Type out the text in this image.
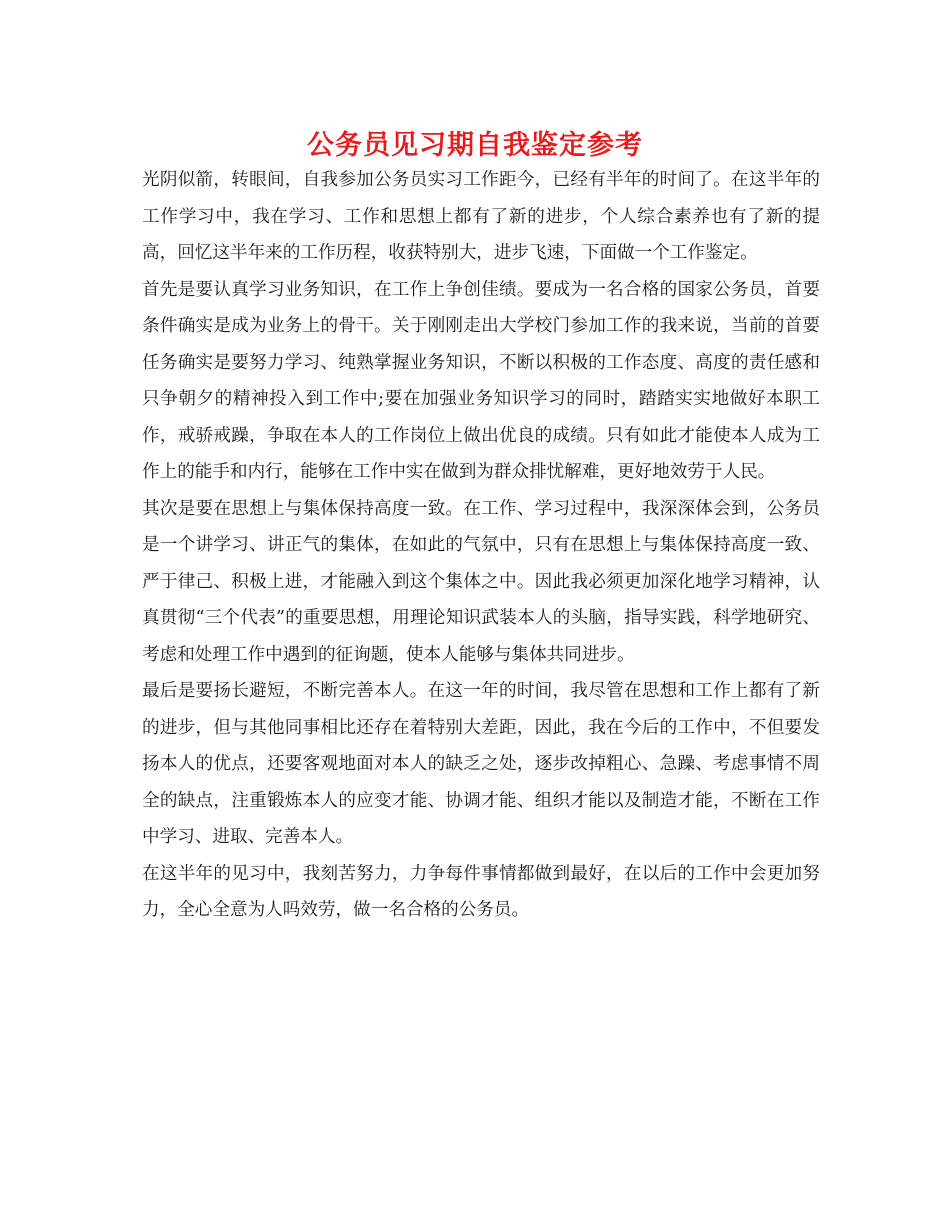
公务员见习期自我鉴定参考

光阴似箭，转眼间，自我参加公务员实习工作距今，已经有半年的时间了。在这半年的工作学习中，我在学习、工作和思想上都有了新的进步，个人综合素养也有了新的提高，回忆这半年来的工作历程，收获特别大，进步飞速，下面做一个工作鉴定。

首先是要认真学习业务知识，在工作上争创佳绩。要成为一名合格的国家公务员，首要条件确实是成为业务上的骨干。关于刚刚走出大学校门参加工作的我来说，当前的首要任务确实是要努力学习、纯熟掌握业务知识，不断以积极的工作态度、高度的责任感和只争朝夕的精神投入到工作中;要在加强业务知识学习的同时，踏踏实实地做好本职工作，戒骄戒躁，争取在本人的工作岗位上做出优良的成绩。只有如此才能使本人成为工作上的能手和内行，能够在工作中实在做到为群众排忧解难，更好地效劳于人民。

其次是要在思想上与集体保持高度一致。在工作、学习过程中，我深深体会到，公务员是一个讲学习、讲正气的集体，在如此的气氛中，只有在思想上与集体保持高度一致、严于律己、积极上进，才能融入到这个集体之中。因此我必须更加深化地学习精神，认真贯彻“三个代表”的重要思想，用理论知识武装本人的头脑，指导实践，科学地研究、考虑和处理工作中遇到的征询题，使本人能够与集体共同进步。

最后是要扬长避短，不断完善本人。在这一年的时间，我尽管在思想和工作上都有了新的进步，但与其他同事相比还存在着特别大差距，因此，我在今后的工作中，不但要发扬本人的优点，还要客观地面对本人的缺乏之处，逐步改掉粗心、急躁、考虑事情不周全的缺点，注重锻炼本人的应变才能、协调才能、组织才能以及制造才能，不断在工作中学习、进取、完善本人。

在这半年的见习中，我刻苦努力，力争每件事情都做到最好，在以后的工作中会更加努力，全心全意为人吗效劳，做一名合格的公务员。
